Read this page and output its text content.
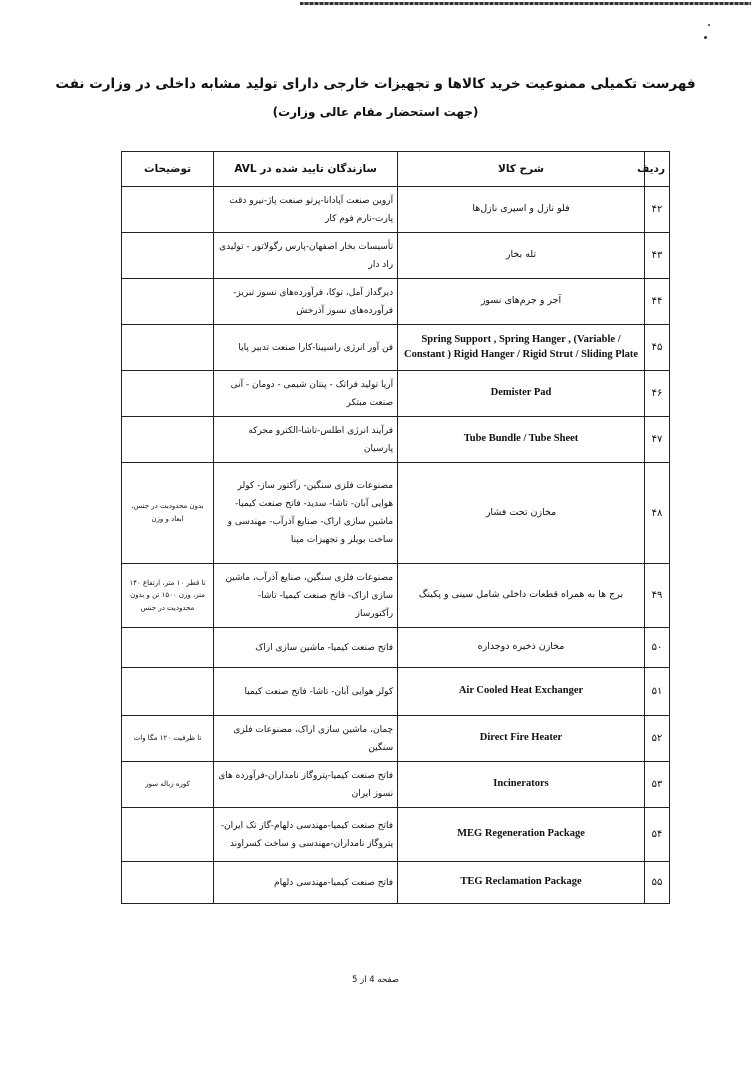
فهرست تکمیلی ممنوعیت خرید کالاها و تجهیزات خارجی دارای تولید مشابه داخلی در وزارت نفت
(جهت استحضار مقام عالی وزارت)
ردیف	شرح کالا	سازندگان تایید شده در AVL	توضیحات
۴۲	فلو نازل و اسپری نازل‌ها	آروین صنعت آپادانا-پرتو صنعت پاژ-نیرو دقت پارت-نارم فوم کار	
۴۳	تله بخار	تأسیسات بخار اصفهان-پارس رگولاتور - تولیدی راد دار	
۴۴	آجر و جرم‌های نسوز	دیرگداز آمل، توکا، فرآورده‌های نسوز تبریز- فرآورده‌های نسوز آذرخش	
۴۵	Spring Support , Spring Hanger , (Variable / Constant ) Rigid Hanger / Rigid Strut / Sliding Plate	فن آور انرژی راسپینا-کارا صنعت تدبیر پایا	
۴۶	Demister Pad	آریا تولید فراتک - پنتان شیمی - دومان - آنی صنعت مبتکر	
۴۷	Tube Bundle / Tube Sheet	فرآیند انرژی اطلس-تاشا-الکترو محرکه پارسیان	
۴۸	مخازن تحت فشار	مصنوعات فلزی سنگین- رآکتور ساز- کولر هوایی آبان- تاشا- سدید- فاتح صنعت کیمیا- ماشین سازی اراک- صنایع آذرآب- مهندسی و ساخت بویلر و تجهیزات مپنا	بدون محدودیت در جنس، ابعاد و وزن
۴۹	برج ها به همراه قطعات داخلی شامل سینی و پکینگ	مصنوعات فلزی سنگین، صنایع آذرآب، ماشین سازی اراک- فاتح صنعت کیمیا- تاشا- رآکتورساز	تا قطر ۱۰ متر، ارتفاع ۱۴۰ متر، وزن ۱۵۰۰ تن و بدون محدودیت در جنس
۵۰	مخازن ذخیره دوجداره	فاتح صنعت کیمیا- ماشین سازی اراک	
۵۱	Air Cooled Heat Exchanger	کولر هوایی آبان- تاشا- فاتح صنعت کیمیا	
۵۲	Direct Fire Heater	چمان، ماشین سازی اراک، مصنوعات فلزی سنگین	تا ظرفیت ۱۲۰ مگا وات
۵۳	Incinerators	فاتح صنعت کیمیا-پتروگاز نامداران-فرآورده های نسوز ایران	کوره زباله سوز
۵۴	MEG Regeneration Package	فاتح صنعت کیمیا-مهندسی دلهام-گاز تک ایران-پتروگاز نامداران-مهندسی و ساخت کسراوند	
۵۵	TEG Reclamation Package	فاتح صنعت کیمیا-مهندسی دلهام	

صفحه 4 از 5
